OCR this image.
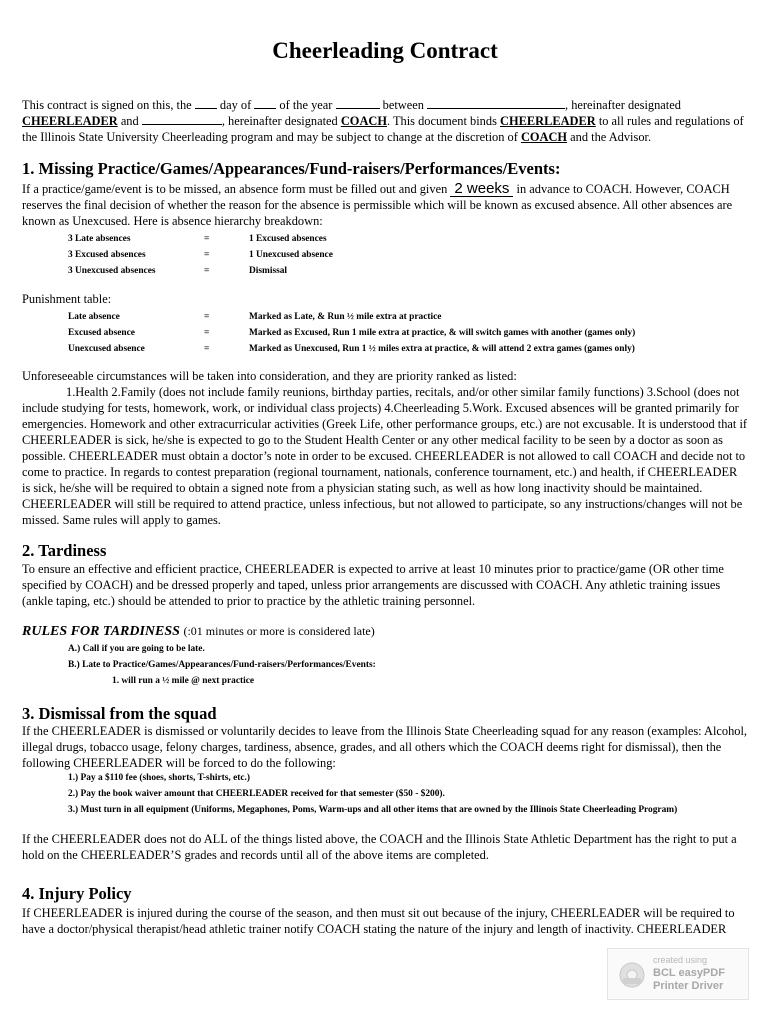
Cheerleading Contract

This contract is signed on this, the day of of the year	between	, hereinafter designated CHEERLEADER and	, hereinafter designated COACH. This document binds CHEERLEADER to all rules and regulations of the Illinois State University Cheerleading program and may be subject to change at the discretion of COACH and the Advisor.

1. Missing Practice/Games/Appearances/Fund-raisers/Performances/Events:

If a practice/game/event is to be missed, an absence form must be filled out and given 2 weeks in advance to COACH. However, COACH reserves the final decision of whether the reason for the absence is permissible which will be known as excused absence. All other absences are known as Unexcused. Here is absence hierarchy breakdown:

3 Late absences	=	1 Excused absences
3 Excused absences	=	1 Unexcused absence
3 Unexcused absences	=	Dismissal

Punishment table:

Late absence	=	Marked as Late, & Run ½ mile extra at practice
Excused absence	=	Marked as Excused, Run 1 mile extra at practice, & will switch games with another (games only)
Unexcused absence	=	Marked as Unexcused, Run 1 ½ miles extra at practice, & will attend 2 extra games (games only)

Unforeseeable circumstances will be taken into consideration, and they are priority ranked as listed:

1.Health 2.Family (does not include family reunions, birthday parties, recitals, and/or other similar family functions) 3.School (does not include studying for tests, homework, work, or individual class projects) 4.Cheerleading 5.Work. Excused absences will be granted primarily for emergencies. Homework and other extracurricular activities (Greek Life, other performance groups, etc.) are not excusable. It is understood that if CHEERLEADER is sick, he/she is expected to go to the Student Health Center or any other medical facility to be seen by a doctor as soon as possible. CHEERLEADER must obtain a doctor’s note in order to be excused. CHEERLEADER is not allowed to call COACH and decide not to come to practice. In regards to contest preparation (regional tournament, nationals, conference tournament, etc.) and health, if CHEERLEADER is sick, he/she will be required to obtain a signed note from a physician stating such, as well as how long inactivity should be maintained. CHEERLEADER will still be required to attend practice, unless infectious, but not allowed to participate, so any instructions/changes will not be missed. Same rules will apply to games.

2. Tardiness

To ensure an effective and efficient practice, CHEERLEADER is expected to arrive at least 10 minutes prior to practice/game (OR other time specified by COACH) and be dressed properly and taped, unless prior arrangements are discussed with COACH. Any athletic training issues (ankle taping, etc.) should be attended to prior to practice by the athletic training personnel.

RULES FOR TARDINESS (:01 minutes or more is considered late)

A.) Call if you are going to be late.
B.) Late to Practice/Games/Appearances/Fund-raisers/Performances/Events:
1. will run a ½ mile @ next practice
3. Dismissal from the squad

If the CHEERLEADER is dismissed or voluntarily decides to leave from the Illinois State Cheerleading squad for any reason (examples: Alcohol, illegal drugs, tobacco usage, felony charges, tardiness, absence, grades, and all others which the COACH deems right for dismissal), then the following CHEERLEADER will be forced to do the following:

1.) Pay a $110 fee (shoes, shorts, T-shirts, etc.)
2.) Pay the book waiver amount that CHEERLEADER received for that semester ($50 - $200).
3.) Must turn in all equipment (Uniforms, Megaphones, Poms, Warm-ups and all other items that are owned by the Illinois State Cheerleading Program)

If the CHEERLEADER does not do ALL of the things listed above, the COACH and the Illinois State Athletic Department has the right to put a hold on the CHEERLEADER’S grades and records until all of the above items are completed.

4. Injury Policy

If CHEERLEADER is injured during the course of the season, and then must sit out because of the injury, CHEERLEADER will be required to have a doctor/physical therapist/head athletic trainer notify COACH stating the nature of the injury and length of inactivity. CHEERLEADER

created using
BCL easyPDF
Printer Driver
